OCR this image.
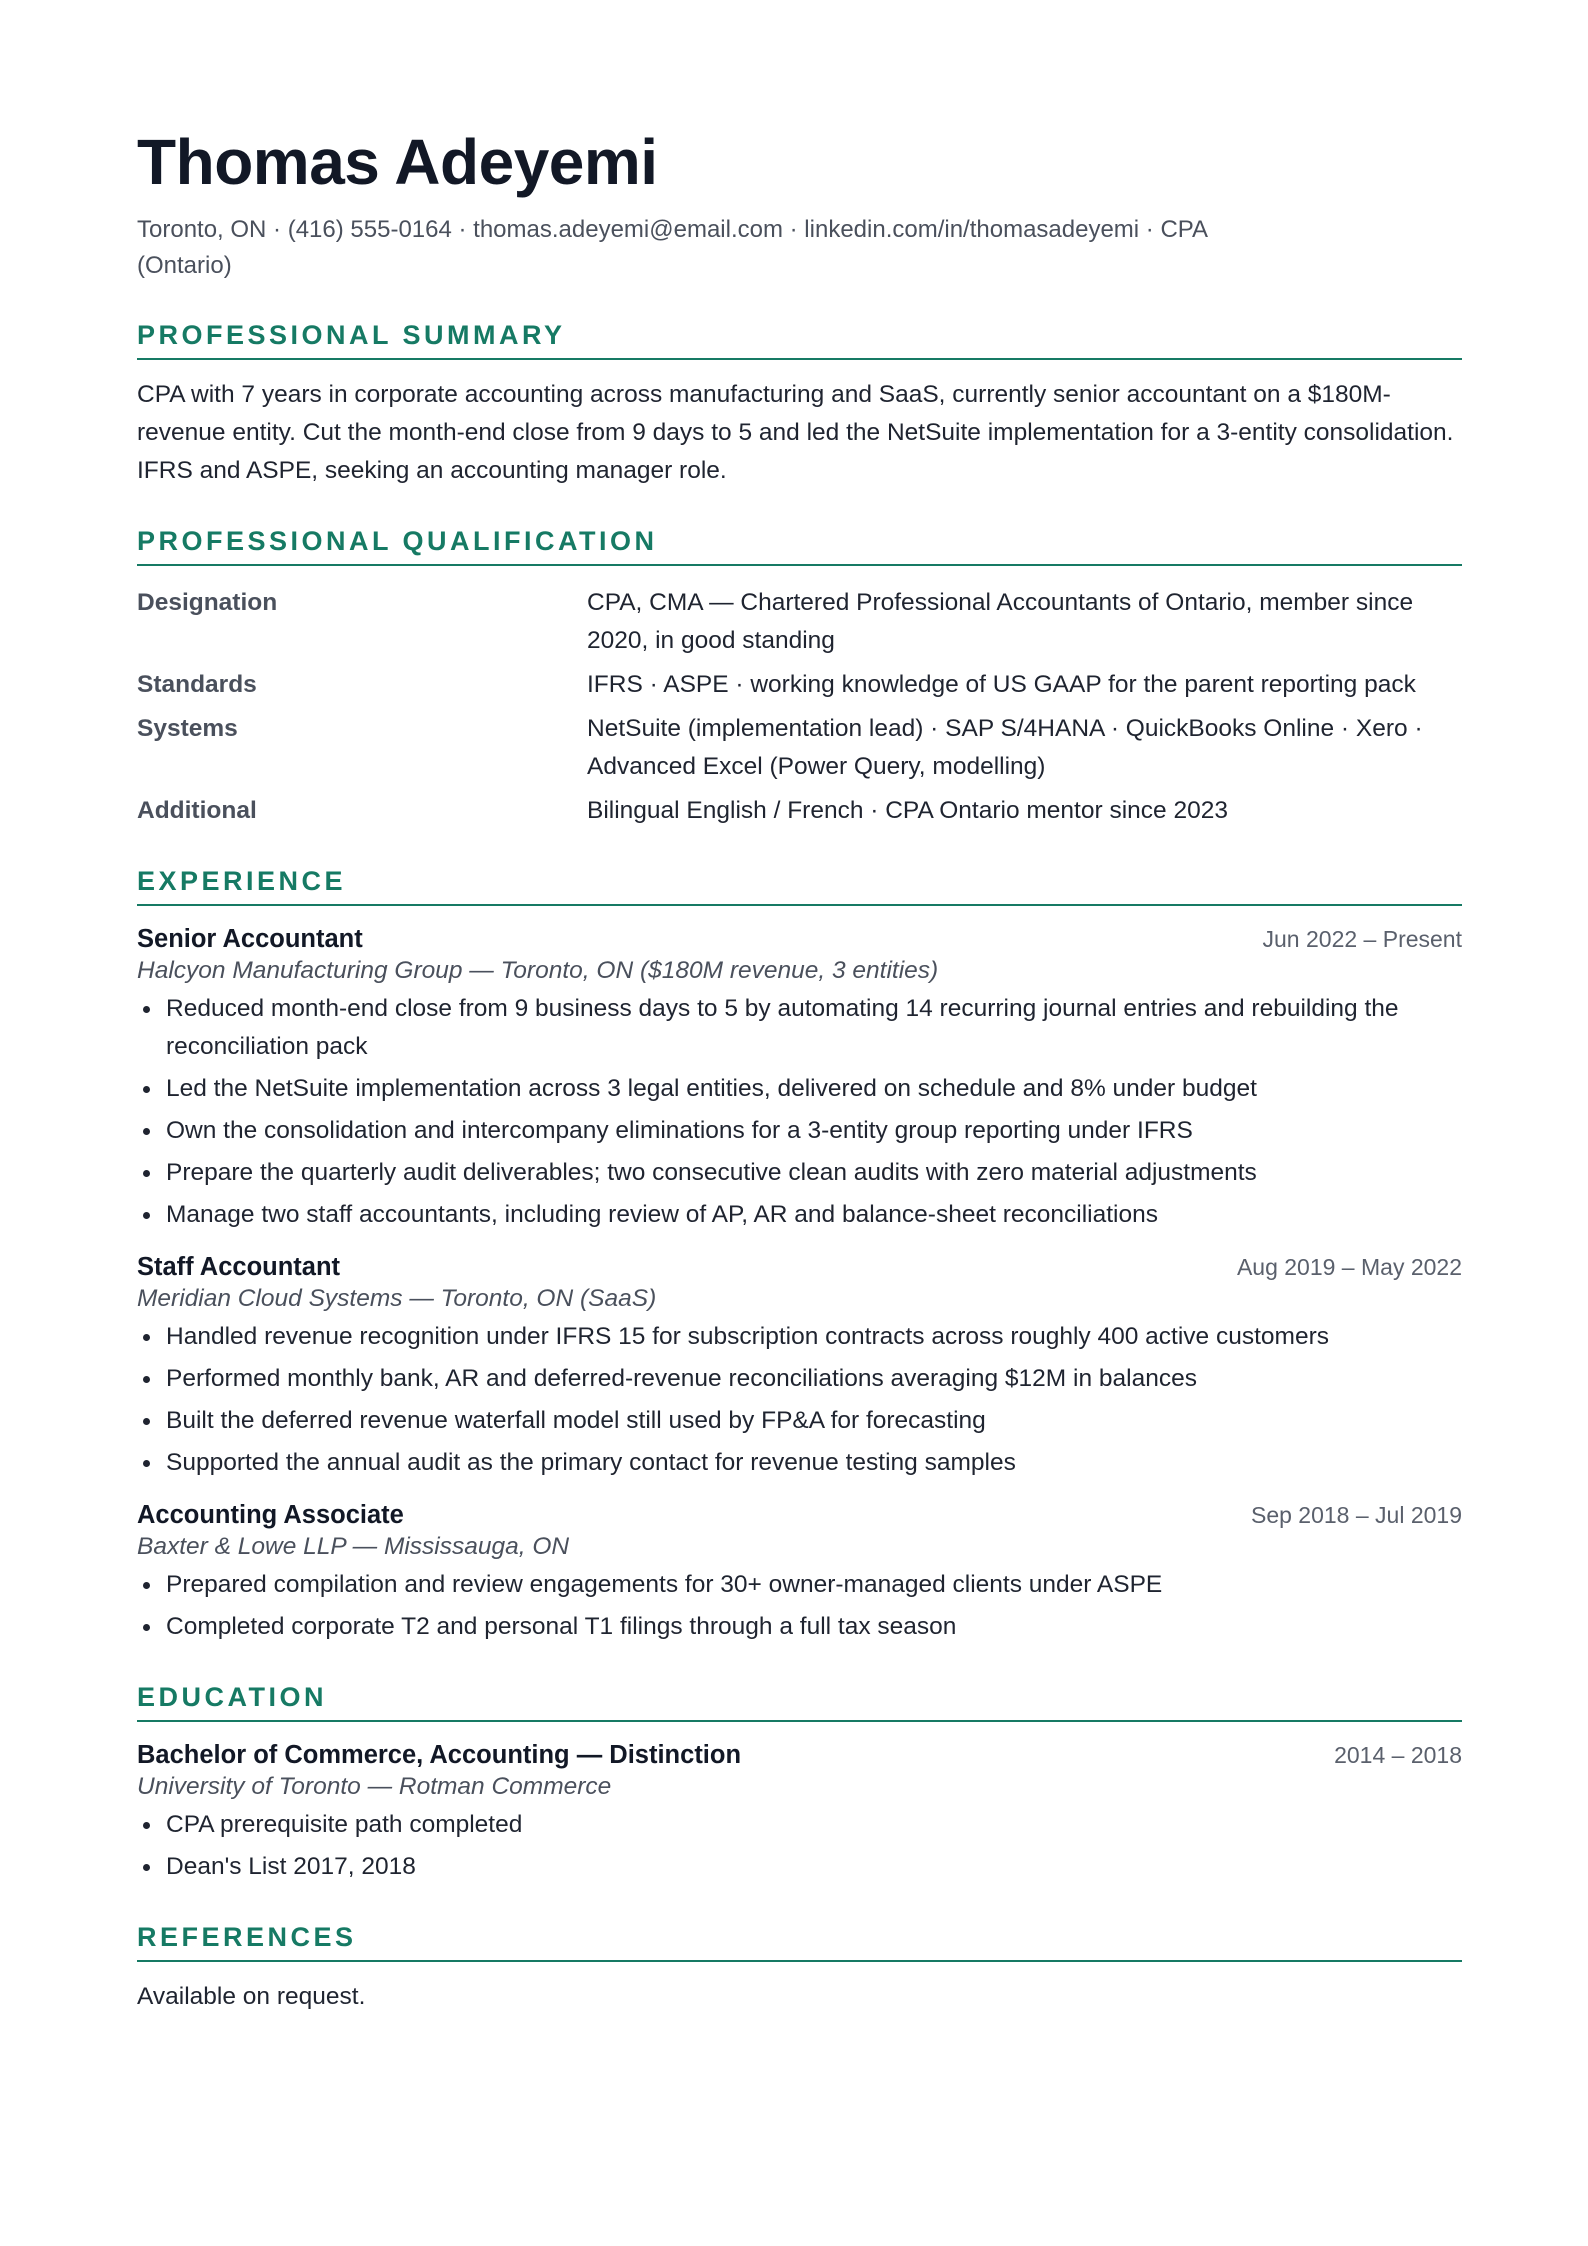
Thomas Adeyemi
Toronto, ON · (416) 555-0164 · thomas.adeyemi@email.com · linkedin.com/in/thomasadeyemi · CPA (Ontario)
PROFESSIONAL SUMMARY
CPA with 7 years in corporate accounting across manufacturing and SaaS, currently senior accountant on a $180M-revenue entity. Cut the month-end close from 9 days to 5 and led the NetSuite implementation for a 3-entity consolidation. IFRS and ASPE, seeking an accounting manager role.
PROFESSIONAL QUALIFICATION
Designation	CPA, CMA — Chartered Professional Accountants of Ontario, member since 2020, in good standing
Standards	IFRS · ASPE · working knowledge of US GAAP for the parent reporting pack
Systems	NetSuite (implementation lead) · SAP S/4HANA · QuickBooks Online · Xero · Advanced Excel (Power Query, modelling)
Additional	Bilingual English / French · CPA Ontario mentor since 2023
EXPERIENCE
Senior Accountant	Jun 2022 – Present
Halcyon Manufacturing Group — Toronto, ON ($180M revenue, 3 entities)
Reduced month-end close from 9 business days to 5 by automating 14 recurring journal entries and rebuilding the reconciliation pack
Led the NetSuite implementation across 3 legal entities, delivered on schedule and 8% under budget
Own the consolidation and intercompany eliminations for a 3-entity group reporting under IFRS
Prepare the quarterly audit deliverables; two consecutive clean audits with zero material adjustments
Manage two staff accountants, including review of AP, AR and balance-sheet reconciliations
Staff Accountant	Aug 2019 – May 2022
Meridian Cloud Systems — Toronto, ON (SaaS)
Handled revenue recognition under IFRS 15 for subscription contracts across roughly 400 active customers
Performed monthly bank, AR and deferred-revenue reconciliations averaging $12M in balances
Built the deferred revenue waterfall model still used by FP&A for forecasting
Supported the annual audit as the primary contact for revenue testing samples
Accounting Associate	Sep 2018 – Jul 2019
Baxter & Lowe LLP — Mississauga, ON
Prepared compilation and review engagements for 30+ owner-managed clients under ASPE
Completed corporate T2 and personal T1 filings through a full tax season
EDUCATION
Bachelor of Commerce, Accounting — Distinction	2014 – 2018
University of Toronto — Rotman Commerce
CPA prerequisite path completed
Dean's List 2017, 2018
REFERENCES
Available on request.
